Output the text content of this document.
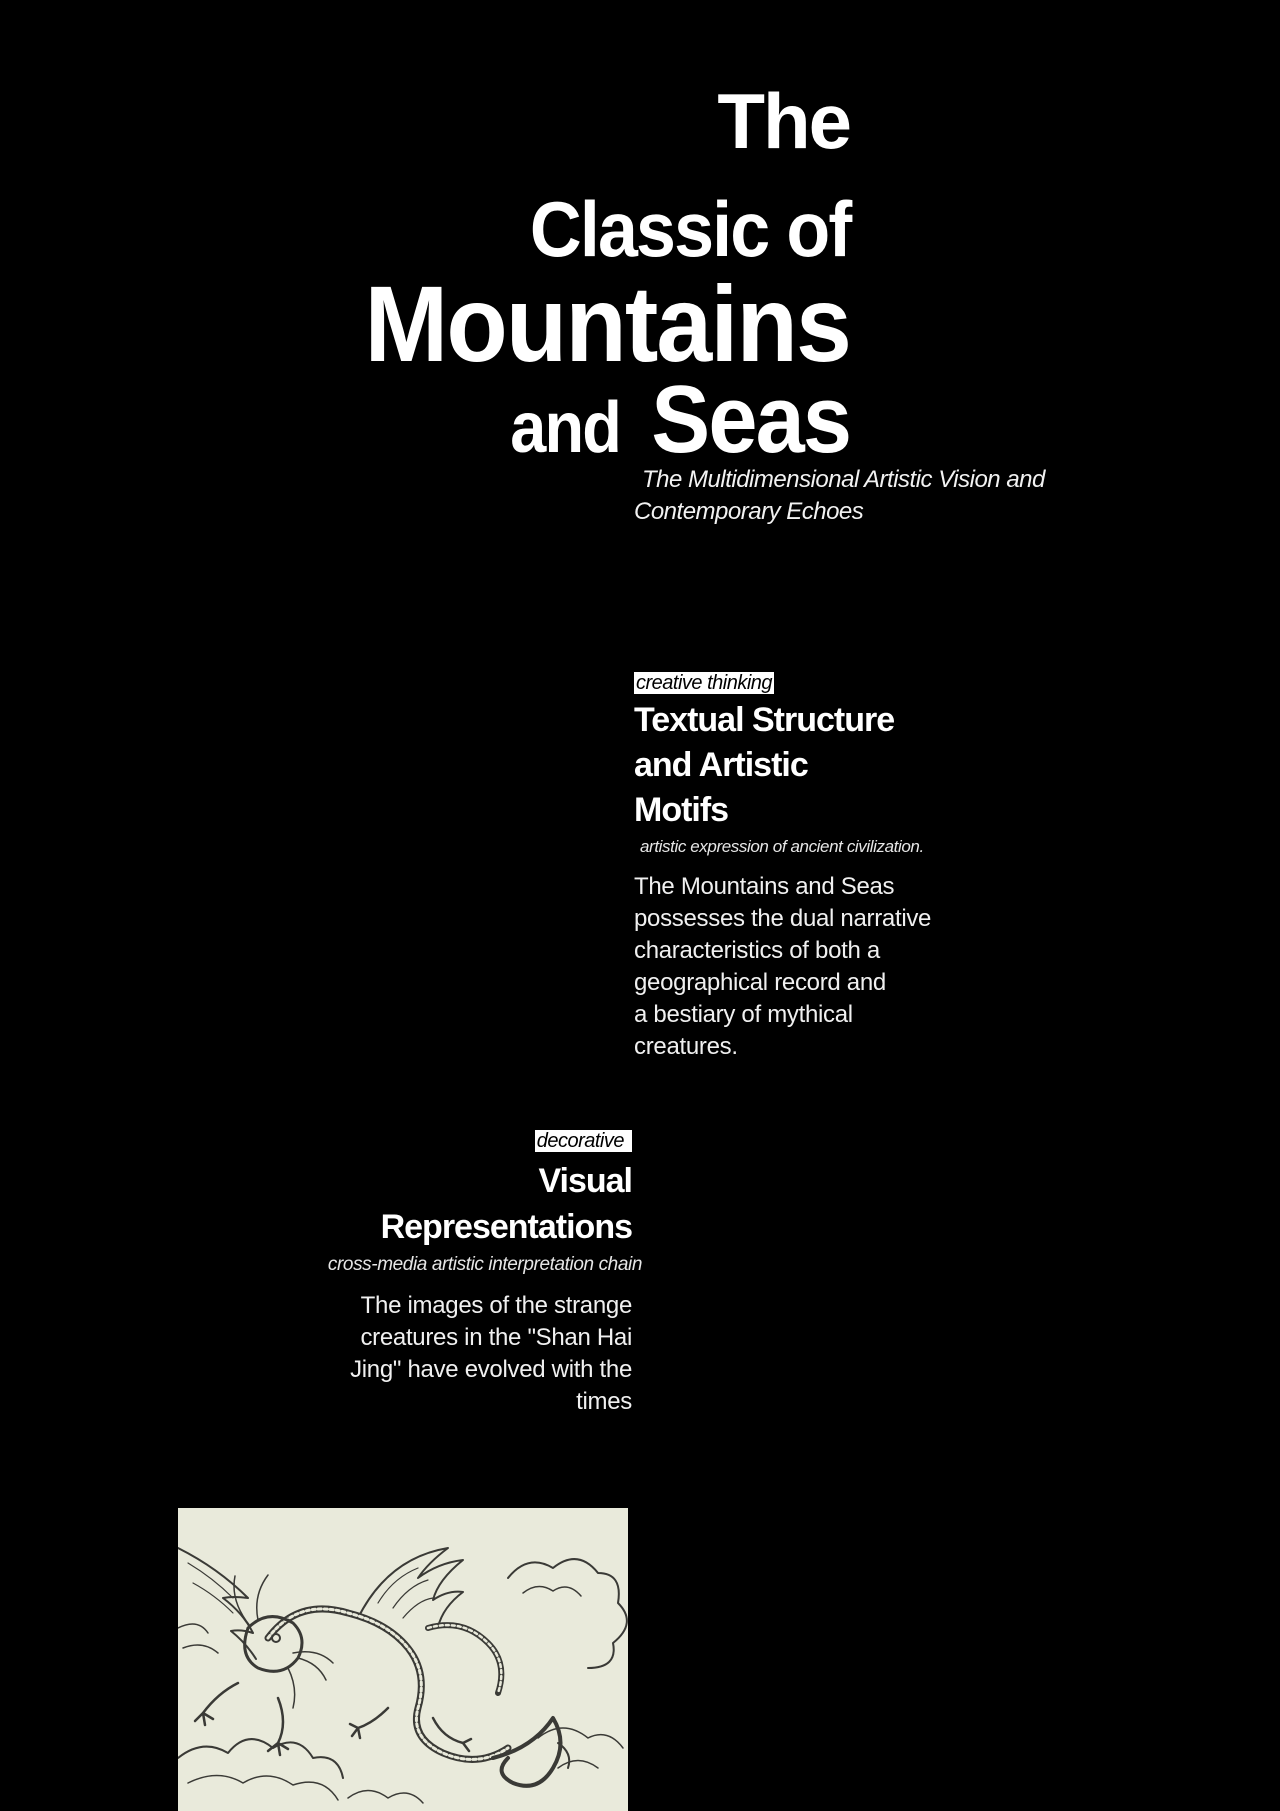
The
Classic of
Mountains
and Seas

The Multidimensional Artistic Vision and
Contemporary Echoes

creative thinking
Textual Structure
and Artistic
Motifs

artistic expression of ancient civilization.

The Mountains and Seas
possesses the dual narrative
characteristics of both a
geographical record and
a bestiary of mythical
creatures.

decorative
Visual
Representations

cross-media artistic interpretation chain

The images of the strange
creatures in the "Shan Hai
Jing" have evolved with the
times
